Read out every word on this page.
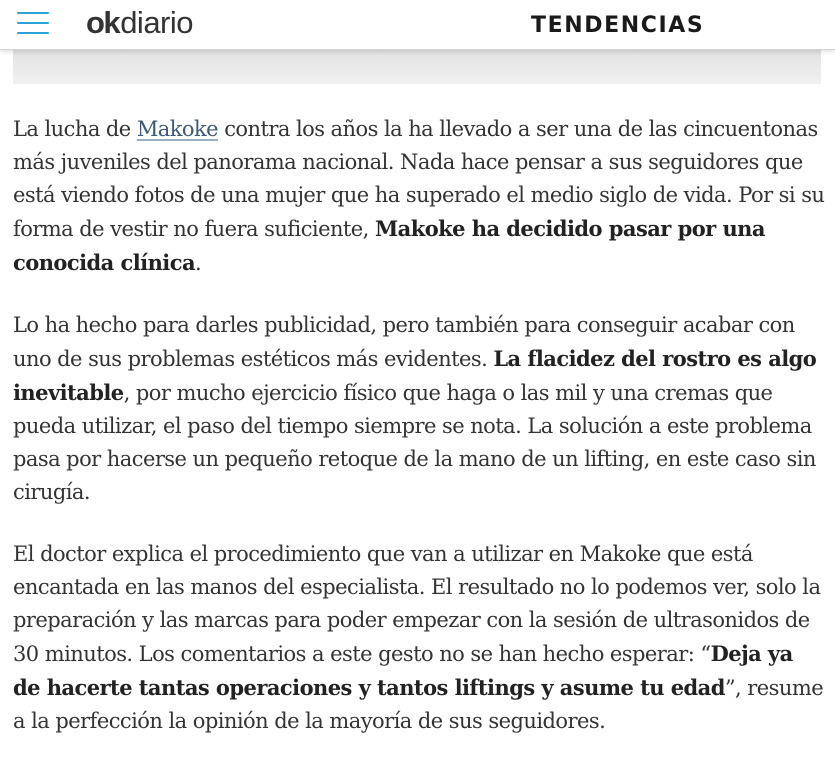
okdiario	TENDENCIAS

La lucha de Makoke contra los años la ha llevado a ser una de las cincuentonas más juveniles del panorama nacional. Nada hace pensar a sus seguidores que está viendo fotos de una mujer que ha superado el medio siglo de vida. Por si su forma de vestir no fuera suficiente, Makoke ha decidido pasar por una conocida clínica.

Lo ha hecho para darles publicidad, pero también para conseguir acabar con uno de sus problemas estéticos más evidentes. La flacidez del rostro es algo inevitable, por mucho ejercicio físico que haga o las mil y una cremas que pueda utilizar, el paso del tiempo siempre se nota. La solución a este problema pasa por hacerse un pequeño retoque de la mano de un lifting, en este caso sin cirugía.

El doctor explica el procedimiento que van a utilizar en Makoke que está encantada en las manos del especialista. El resultado no lo podemos ver, solo la preparación y las marcas para poder empezar con la sesión de ultrasonidos de 30 minutos. Los comentarios a este gesto no se han hecho esperar: “Deja ya de hacerte tantas operaciones y tantos liftings y asume tu edad”, resume a la perfección la opinión de la mayoría de sus seguidores.
